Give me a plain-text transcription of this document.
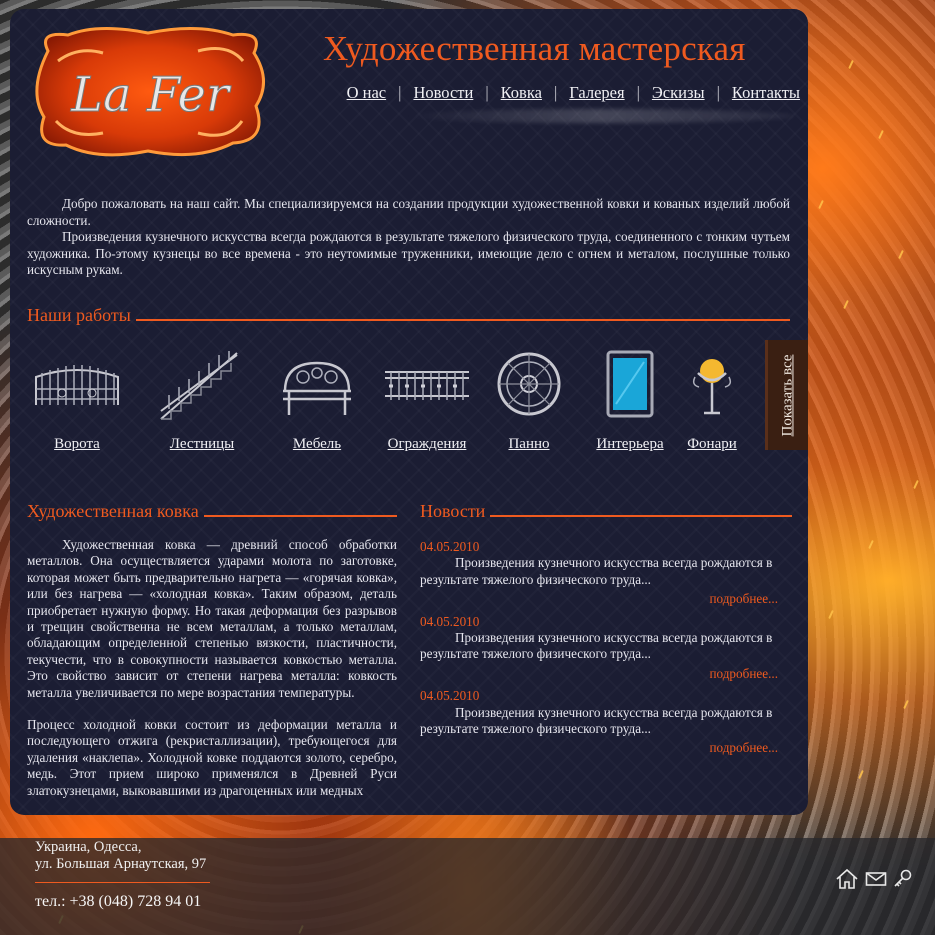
La Fer
Художественная мастерская
О нас | Новости | Ковка | Галерея | Эскизы | Контакты

Добро пожаловать на наш сайт. Мы специализируемся на создании продукции художественной ковки и кованых изделий любой сложности.

Произведения кузнечного искусства всегда рождаются в результате тяжелого физического труда, соединенного с тонким чутьем художника. По-этому кузнецы во все времена - это неутомимые труженники, имеющие дело с огнем и металом, послушные только искусным рукам.

Наши работы
Ворота	Лестницы	Мебель	Ограждения	Панно	Интерьера	Фонари
Художественная ковка

Художественная ковка — древний способ обработки металлов. Она осуществляется ударами молота по заготовке, которая может быть предварительно нагрета — «горячая ковка», или без нагрева — «холодная ковка». Таким образом, деталь приобретает нужную форму. Но такая деформация без разрывов и трещин свойственна не всем металлам, а только металлам, обладающим определенной степенью вязкости, пластичности, текучести, что в совокупности называется ковкостью металла. Это свойство зависит от степени нагрева металла: ковкость металла увеличивается по мере возрастания температуры.

Процесс холодной ковки состоит из деформации металла и последующего отжига (рекристаллизации), требующегося для удаления «наклепа». Холодной ковке поддаются золото, серебро, медь. Этот прием широко применялся в Древней Руси златокузнецами, выковавшими из драгоценных или медных

Новости
04.05.2010
Произведения кузнечного искусства всегда рождаются в результате тяжелого физического труда...
подробнее...
04.05.2010
Произведения кузнечного искусства всегда рождаются в результате тяжелого физического труда...
подробнее...
04.05.2010
Произведения кузнечного искусства всегда рождаются в результате тяжелого физического труда...
подробнее...
Показать все
Украина, Одесса,
ул. Большая Арнаутская, 97
тел.: +38 (048) 728 94 01
